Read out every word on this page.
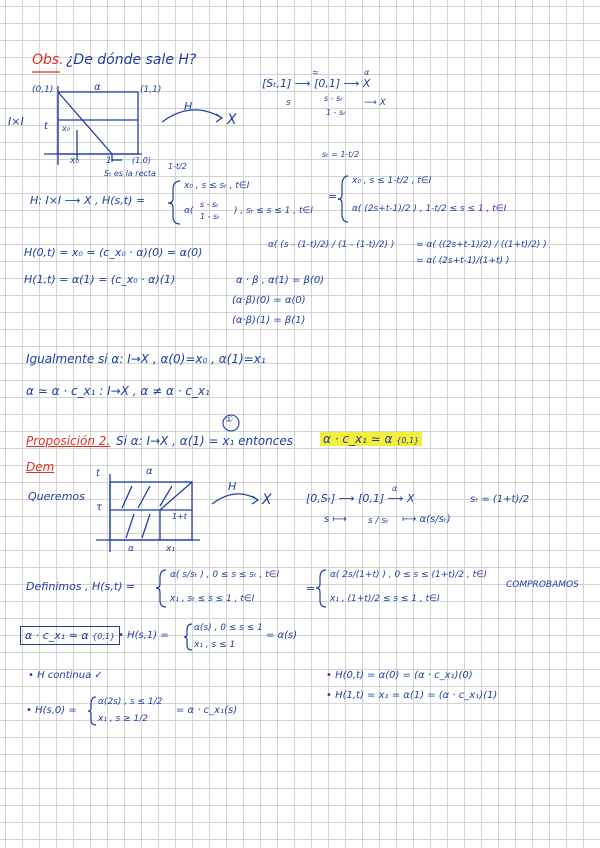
Obs. ¿De dónde sale H?
(0,1)	(1,1)
I×I t
α
x₀
x₀	1	(1,0)
Sₜ es la recta
1-t/2
H
X
≃	α
[Sₜ,1] ⟶ [0,1] ⟶ X
s	s - sₜ
1 - sₜ
⟶ X
sₜ = 1-t/2
H: I×I ⟶ X , H(s,t) =
x₀ , s ≤ sₜ , t∈I
α(
s - sₜ
1 - sₜ
) , sₜ ≤ s ≤ 1 , t∈I
=
x₀ , s ≤ 1-t/2 , t∈I
α( (2s+t-1)/2 ) , 1-t/2 ≤ s ≤ 1 , t∈I
α( (s - (1-t)/2) / (1 - (1-t)/2) ) = α( ((2s+t-1)/2) / ((1+t)/2) )
= α( (2s+t-1)/(1+t) )
H(0,t) = x₀ = (c_x₀ · α)(0) = α(0)
H(1,t) = α(1) = (c_x₀ · α)(1)	α · β , α(1) = β(0)
(α·β)(0) = α(0)
(α·β)(1) = β(1)
Igualmente si α: I→X , α(0)=x₀ , α(1)=x₁
α ≃ α · c_x₁ : I→X , α ≠ α · c_x₁
Proposición 2. Si α: I→X , α(1) = x₁ entonces
①
α · c_x₁ ≃ α {0,1}
Dem
Queremos
t	α
τ
1+t
α	x₁
H
X
α
[0,Sₜ] ⟶ [0,1] ⟶ X
s ⟼ s / sₜ ⟼ α(s/sₜ)
sₜ = (1+t)/2
Definimos , H(s,t) =
α( s/sₜ ) , 0 ≤ s ≤ sₜ , t∈I
x₁ , sₜ ≤ s ≤ 1 , t∈I
=
α( 2s/(1+t) ) , 0 ≤ s ≤ (1+t)/2 , t∈I
x₁ , (1+t)/2 ≤ s ≤ 1 , t∈I
COMPROBAMOS
α · c_x₁ ≃ α {0,1} • H(s,1) =
α(s) , 0 ≤ s ≤ 1
x₁ , s ≤ 1
= α(s)
• H continua ✓	• H(0,t) = α(0) = (α · c_x₁)(0)
• H(1,t) = x₁ = α(1) = (α · c_x₁)(1)
• H(s,0) =
α(2s) , s ≤ 1/2
x₁ , s ≥ 1/2
= α · c_x₁(s)
